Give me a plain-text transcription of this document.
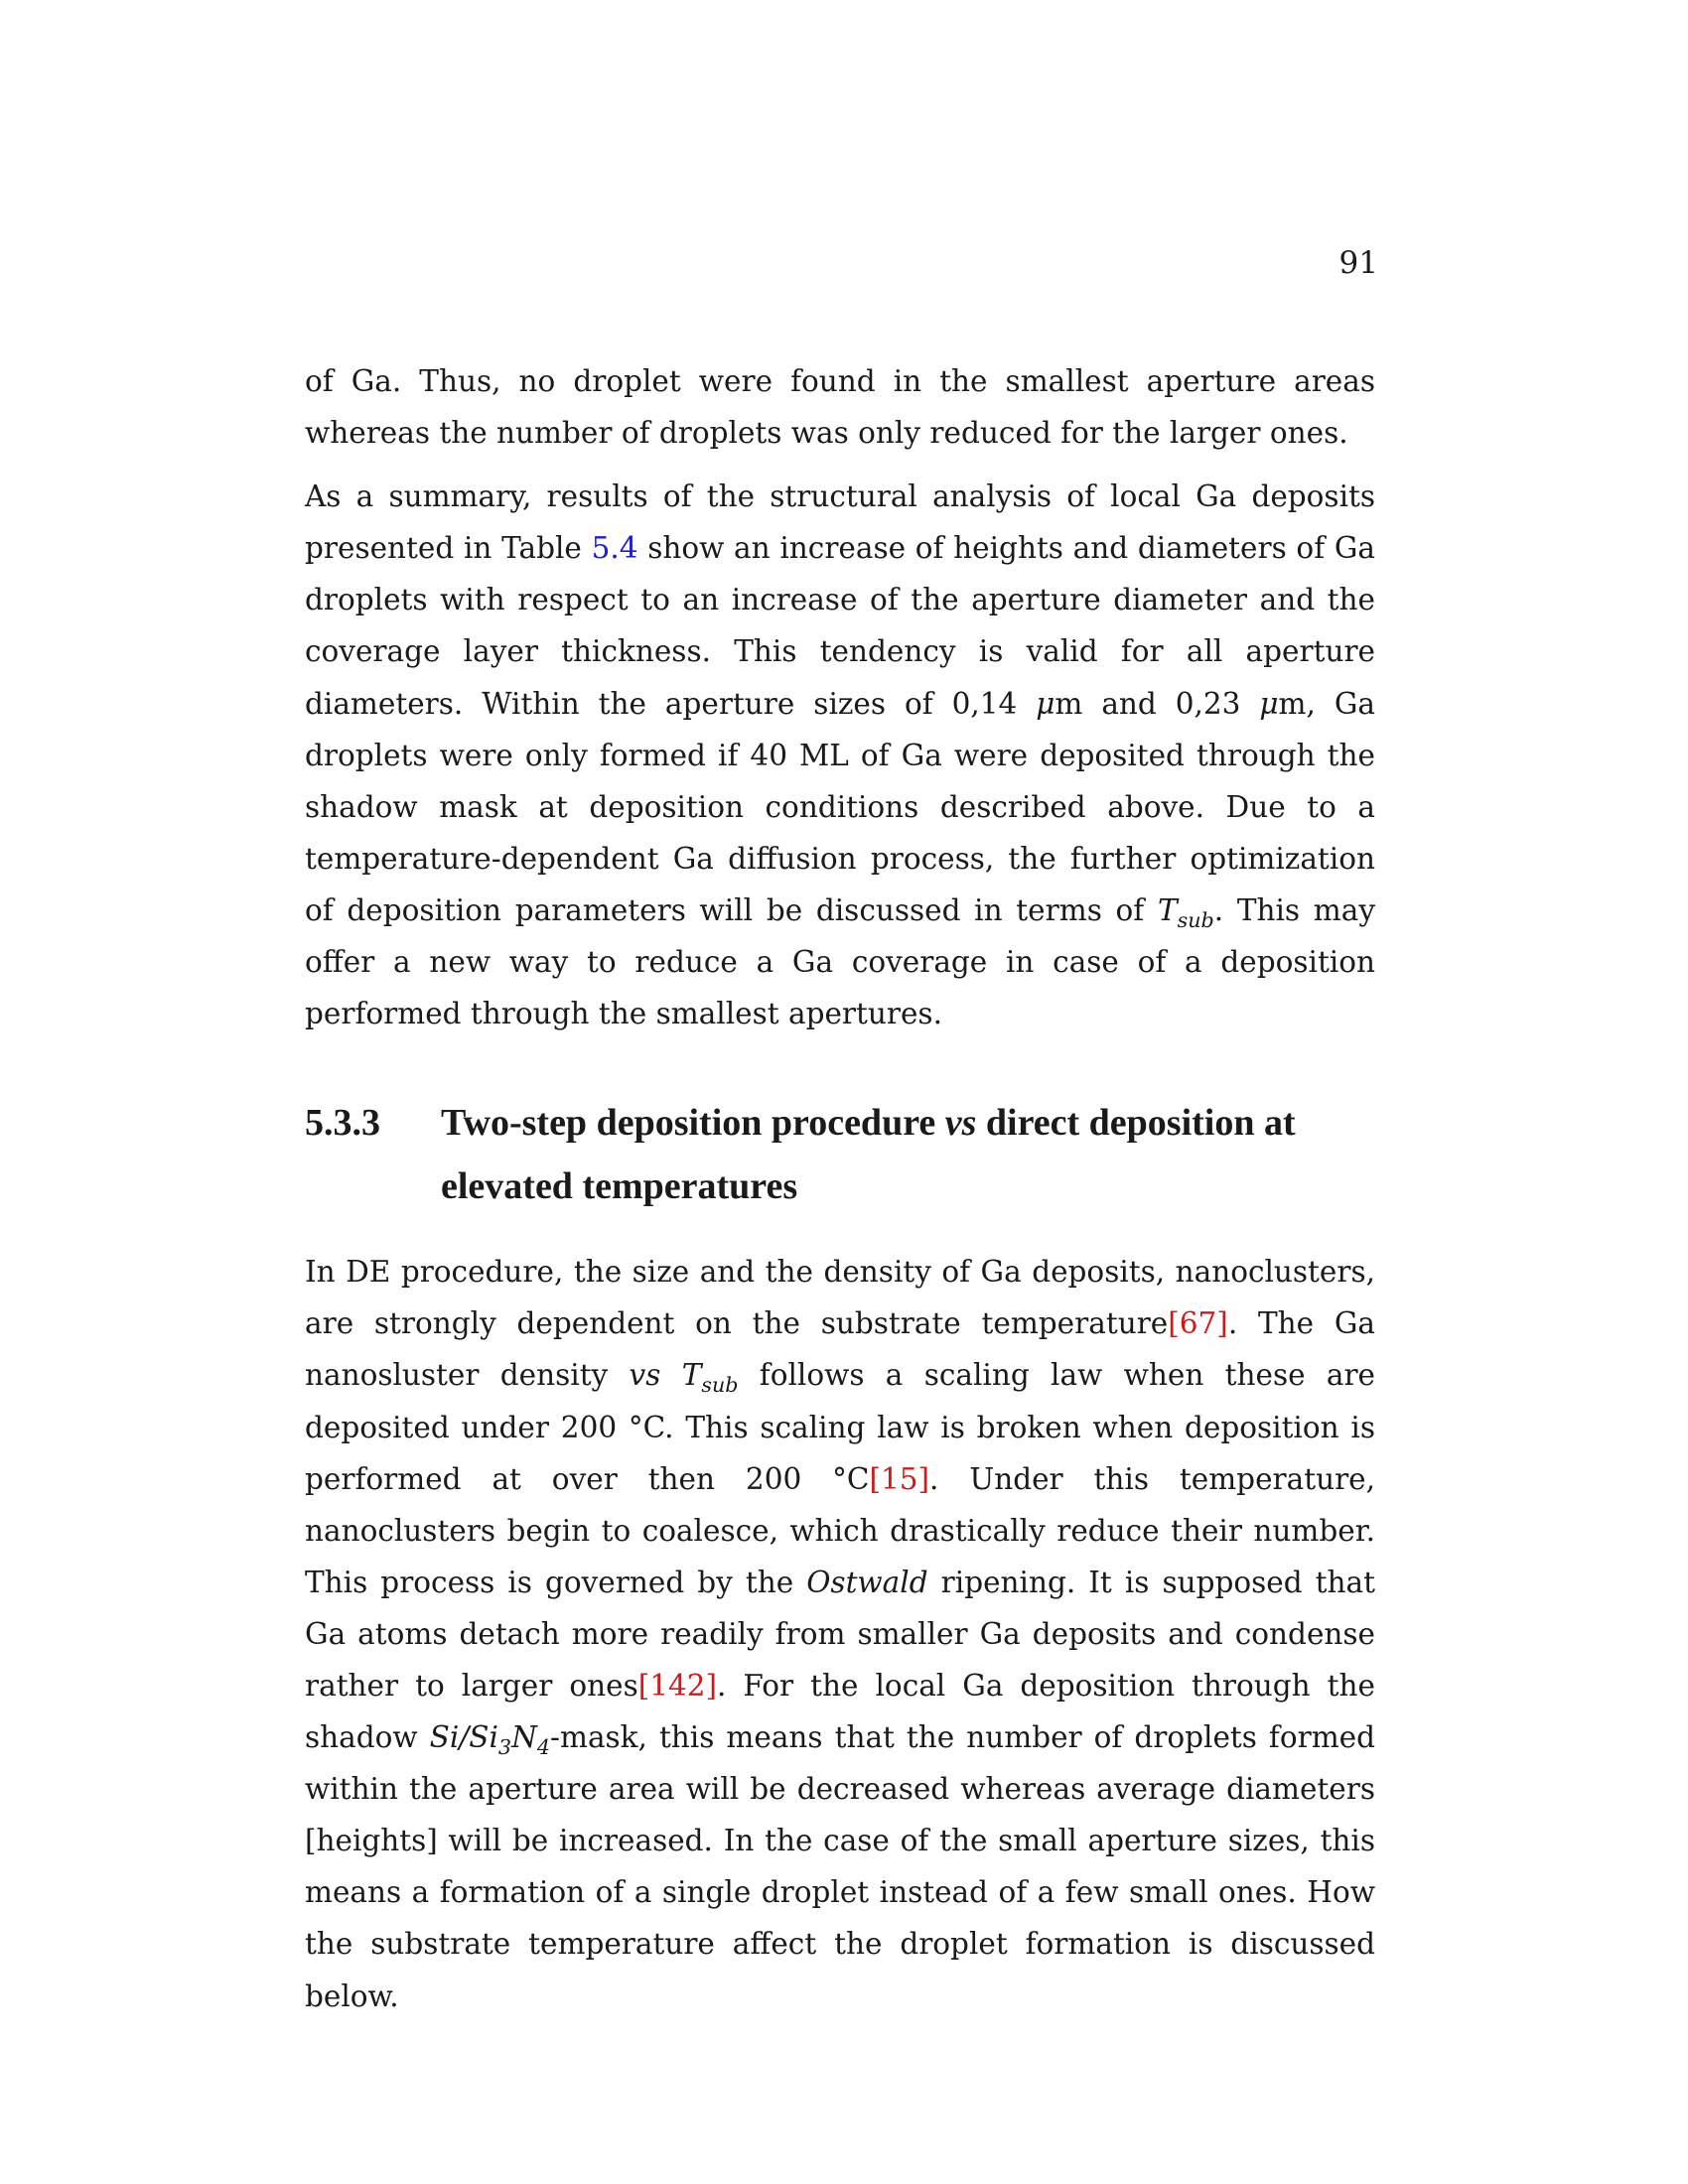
91

of Ga. Thus, no droplet were found in the smallest aperture areas whereas the number of droplets was only reduced for the larger ones.

As a summary, results of the structural analysis of local Ga deposits presented in Table 5.4 show an increase of heights and diameters of Ga droplets with respect to an increase of the aperture diameter and the coverage layer thickness. This tendency is valid for all aperture diameters. Within the aperture sizes of 0,14 μm and 0,23 μm, Ga droplets were only formed if 40 ML of Ga were deposited through the shadow mask at deposition conditions described above. Due to a temperature-dependent Ga diffusion process, the further optimization of deposition parameters will be discussed in terms of $T_{sub}$. This may offer a new way to reduce a Ga coverage in case of a deposition performed through the smallest apertures.

5.3.3	Two-step deposition procedure vs direct deposition at elevated temperatures

In DE procedure, the size and the density of Ga deposits, nanoclusters, are strongly dependent on the substrate temperature[67]. The Ga nanosluster density vs $T_{sub}$ follows a scaling law when these are deposited under 200 °C. This scaling law is broken when deposition is performed at over then 200 °C[15]. Under this temperature, nanoclusters begin to coalesce, which drastically reduce their number. This process is governed by the Ostwald ripening. It is supposed that Ga atoms detach more readily from smaller Ga deposits and condense rather to larger ones[142]. For the local Ga deposition through the shadow $Si/Si_3N_4$-mask, this means that the number of droplets formed within the aperture area will be decreased whereas average diameters [heights] will be increased. In the case of the small aperture sizes, this means a formation of a single droplet instead of a few small ones. How the substrate temperature affect the droplet formation is discussed below.
